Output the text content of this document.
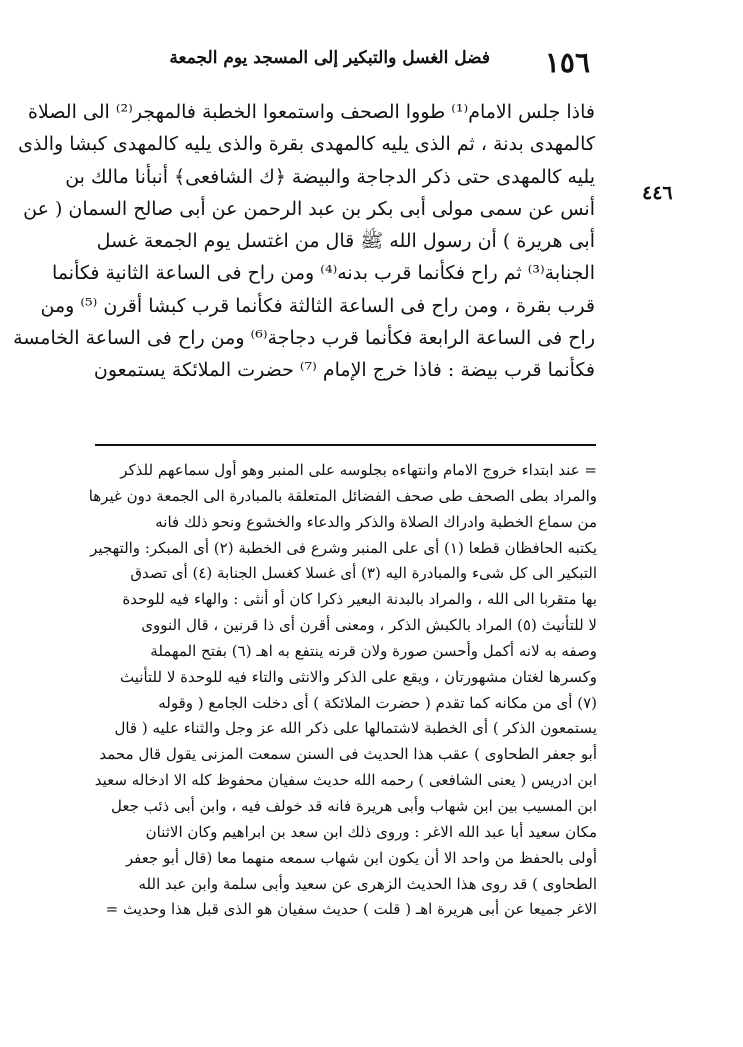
١٥٦
فضل الغسل والتبكير إلى المسجد يوم الجمعة
٤٤٦
فاذا جلس الامام⁽¹⁾ طووا الصحف واستمعوا الخطبة فالمهجر⁽²⁾ الى الصلاة
كالمهدى بدنة ، ثم الذى يليه كالمهدى بقرة والذى يليه كالمهدى كبشا والذى
يليه كالمهدى حتى ذكر الدجاجة والبيضة ﴿ك الشافعى﴾ أنبأنا مالك بن
أنس عن سمى مولى أبى بكر بن عبد الرحمن عن أبى صالح السمان ( عن
أبى هريرة ) أن رسول الله ﷺ قال من اغتسل يوم الجمعة غسل
الجنابة⁽³⁾ ثم راح فكأنما قرب بدنه⁽⁴⁾ ومن راح فى الساعة الثانية فكأنما
قرب بقرة ، ومن راح فى الساعة الثالثة فكأنما قرب كبشا أقرن ⁽⁵⁾ ومن
راح فى الساعة الرابعة فكأنما قرب دجاجة⁽⁶⁾ ومن راح فى الساعة الخامسة
فكأنما قرب بيضة : فاذا خرج الإمام ⁽⁷⁾ حضرت الملائكة يستمعون
= عند ابتداء خروج الامام وانتهاءه بجلوسه على المنبر وهو أول سماعهم للذكر
والمراد بطى الصحف طى صحف الفضائل المتعلقة بالمبادرة الى الجمعة دون غيرها
من سماع الخطبة وادراك الصلاة والذكر والدعاء والخشوع ونحو ذلك فانه
يكتبه الحافظان قطعا (١) أى على المنبر وشرع فى الخطبة (٢) أى المبكر: والتهجير
التبكير الى كل شىء والمبادرة اليه (٣) أى غسلا كغسل الجنابة (٤) أى تصدق
بها متقربا الى الله ، والمراد بالبدنة البعير ذكرا كان أو أنثى : والهاء فيه للوحدة
لا للتأنيث (٥) المراد بالكبش الذكر ، ومعنى أقرن أى ذا قرنين ، قال النووى
وصفه به لانه أكمل وأحسن صورة ولان قرنه ينتفع به اهـ (٦) بفتح المهملة
وكسرها لغتان مشهورتان ، ويقع على الذكر والانثى والتاء فيه للوحدة لا للتأنيث
(٧) أى من مكانه كما تقدم ( حضرت الملائكة ) أى دخلت الجامع ( وقوله
يستمعون الذكر ) أى الخطبة لاشتمالها على ذكر الله عز وجل والثناء عليه ( قال
أبو جعفر الطحاوى ) عقب هذا الحديث فى السنن سمعت المزنى يقول قال محمد
ابن ادريس ( يعنى الشافعى ) رحمه الله حديث سفيان محفوظ كله الا ادخاله سعيد
ابن المسيب بين ابن شهاب وأبى هريرة فانه قد خولف فيه ، وابن أبى ذئب جعل
مكان سعيد أبا عبد الله الاغر : وروى ذلك ابن سعد بن ابراهيم وكان الاثنان
أولى بالحفظ من واحد الا أن يكون ابن شهاب سمعه منهما معا (قال أبو جعفر
الطحاوى ) قد روى هذا الحديث الزهرى عن سعيد وأبى سلمة وابن عبد الله
الاغر جميعا عن أبى هريرة اهـ ( قلت ) حديث سفيان هو الذى قبل هذا وحديث =
